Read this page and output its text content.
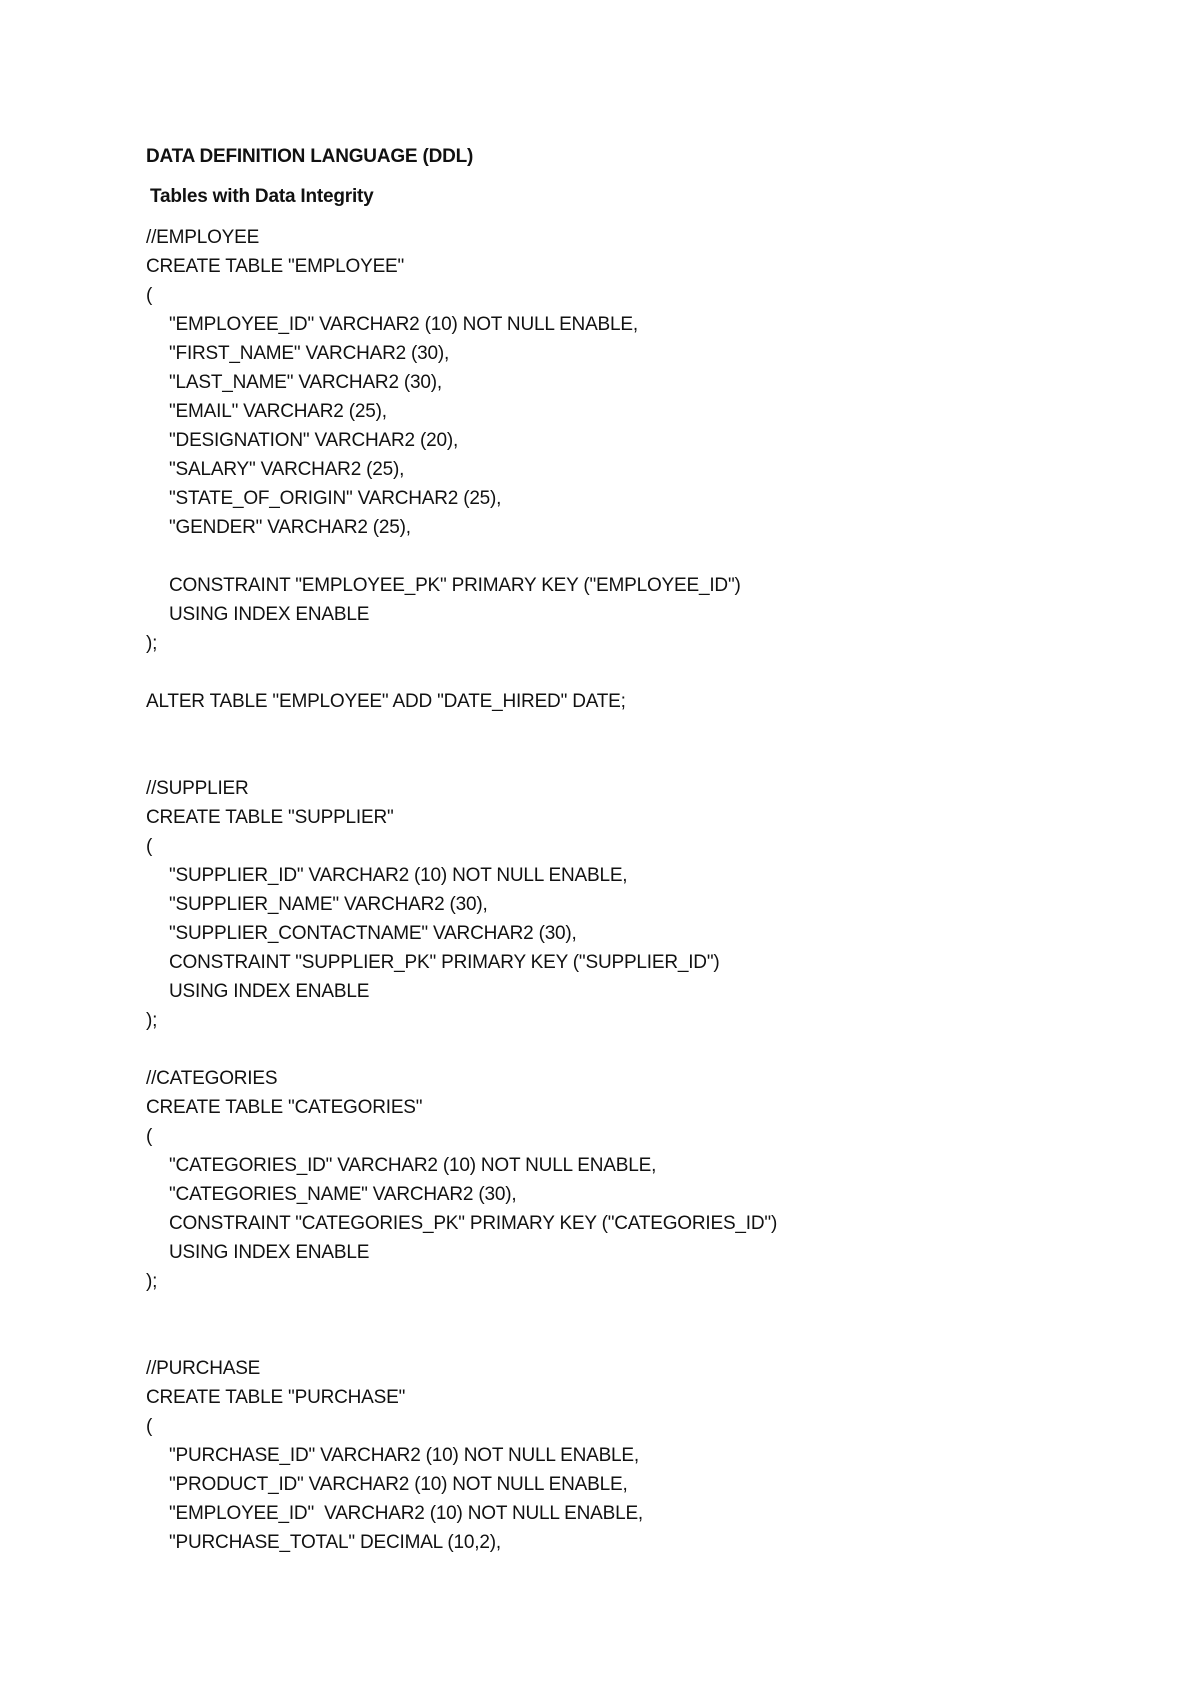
DATA DEFINITION LANGUAGE (DDL)
Tables with Data Integrity
//EMPLOYEE
CREATE TABLE "EMPLOYEE"
(
"EMPLOYEE_ID" VARCHAR2 (10) NOT NULL ENABLE,
"FIRST_NAME" VARCHAR2 (30),
"LAST_NAME" VARCHAR2 (30),
"EMAIL" VARCHAR2 (25),
"DESIGNATION" VARCHAR2 (20),
"SALARY" VARCHAR2 (25),
"STATE_OF_ORIGIN" VARCHAR2 (25),
"GENDER" VARCHAR2 (25),
CONSTRAINT "EMPLOYEE_PK" PRIMARY KEY ("EMPLOYEE_ID")
USING INDEX ENABLE
);
ALTER TABLE "EMPLOYEE" ADD "DATE_HIRED" DATE;
//SUPPLIER
CREATE TABLE "SUPPLIER"
(
"SUPPLIER_ID" VARCHAR2 (10) NOT NULL ENABLE,
"SUPPLIER_NAME" VARCHAR2 (30),
"SUPPLIER_CONTACTNAME" VARCHAR2 (30),
CONSTRAINT "SUPPLIER_PK" PRIMARY KEY ("SUPPLIER_ID")
USING INDEX ENABLE
);
//CATEGORIES
CREATE TABLE "CATEGORIES"
(
"CATEGORIES_ID" VARCHAR2 (10) NOT NULL ENABLE,
"CATEGORIES_NAME" VARCHAR2 (30),
CONSTRAINT "CATEGORIES_PK" PRIMARY KEY ("CATEGORIES_ID")
USING INDEX ENABLE
);
//PURCHASE
CREATE TABLE "PURCHASE"
(
"PURCHASE_ID" VARCHAR2 (10) NOT NULL ENABLE,
"PRODUCT_ID" VARCHAR2 (10) NOT NULL ENABLE,
"EMPLOYEE_ID"  VARCHAR2 (10) NOT NULL ENABLE,
"PURCHASE_TOTAL" DECIMAL (10,2),
